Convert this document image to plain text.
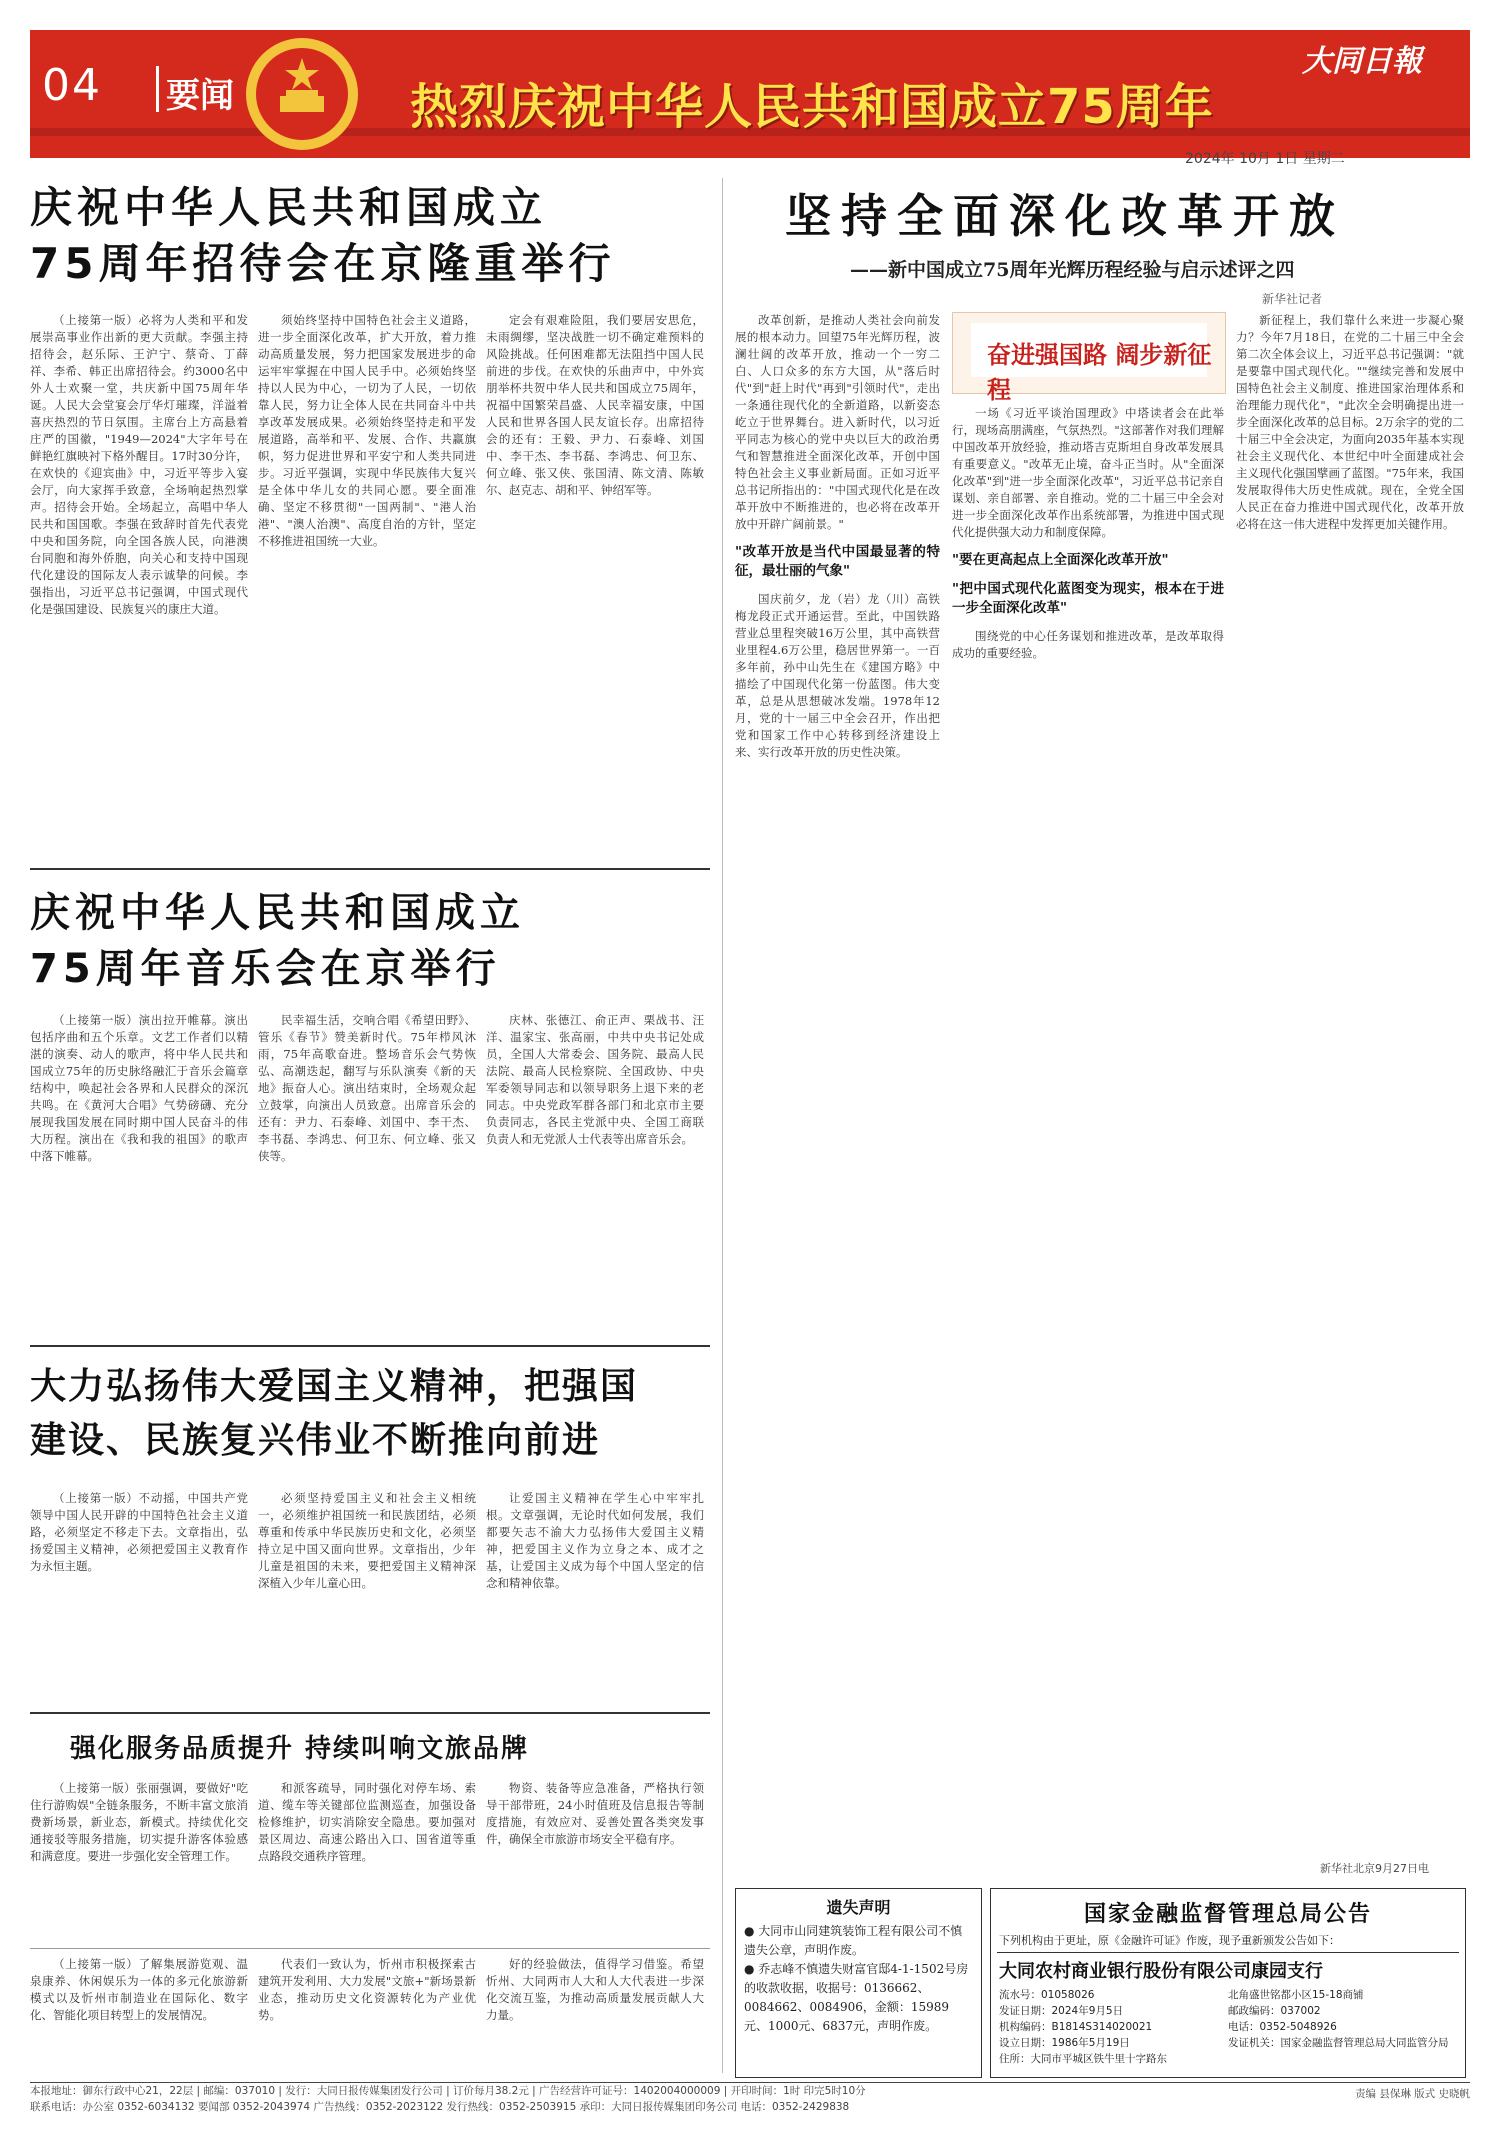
04 要闻	热烈庆祝中华人民共和国成立75周年
大同日報
2024年 10月 1日 星期二
庆祝中华人民共和国成立
75周年招待会在京隆重举行

（上接第一版）必将为人类和平和发展崇高事业作出新的更大贡献。李强主持招待会，赵乐际、王沪宁、蔡奇、丁薛祥、李希、韩正出席招待会。约3000名中外人士欢聚一堂，共庆新中国75周年华诞。人民大会堂宴会厅华灯璀璨，洋溢着喜庆热烈的节日氛围。主席台上方高悬着庄严的国徽，"1949—2024"大字年号在鲜艳红旗映衬下格外醒目。17时30分许，在欢快的《迎宾曲》中，习近平等步入宴会厅，向大家挥手致意，全场响起热烈掌声。招待会开始。全场起立，高唱中华人民共和国国歌。李强在致辞时首先代表党中央和国务院，向全国各族人民，向港澳台同胞和海外侨胞，向关心和支持中国现代化建设的国际友人表示诚挚的问候。李强指出，习近平总书记强调，中国式现代化是强国建设、民族复兴的康庄大道。

须始终坚持中国特色社会主义道路，进一步全面深化改革，扩大开放，着力推动高质量发展，努力把国家发展进步的命运牢牢掌握在中国人民手中。必须始终坚持以人民为中心，一切为了人民，一切依靠人民，努力让全体人民在共同奋斗中共享改革发展成果。必须始终坚持走和平发展道路，高举和平、发展、合作、共赢旗帜，努力促进世界和平安宁和人类共同进步。习近平强调，实现中华民族伟大复兴是全体中华儿女的共同心愿。要全面准确、坚定不移贯彻"一国两制"、"港人治港"、"澳人治澳"、高度自治的方针，坚定不移推进祖国统一大业。

定会有艰难险阻，我们要居安思危，未雨绸缪，坚决战胜一切不确定难预料的风险挑战。任何困难都无法阻挡中国人民前进的步伐。在欢快的乐曲声中，中外宾朋举杯共贺中华人民共和国成立75周年，祝福中国繁荣昌盛、人民幸福安康，中国人民和世界各国人民友谊长存。出席招待会的还有：王毅、尹力、石泰峰、刘国中、李干杰、李书磊、李鸿忠、何卫东、何立峰、张又侠、张国清、陈文清、陈敏尔、赵克志、胡和平、钟绍军等。

庆祝中华人民共和国成立
75周年音乐会在京举行

（上接第一版）演出拉开帷幕。演出包括序曲和五个乐章。文艺工作者们以精湛的演奏、动人的歌声，将中华人民共和国成立75年的历史脉络融汇于音乐会篇章结构中，唤起社会各界和人民群众的深沉共鸣。在《黄河大合唱》气势磅礴、充分展现我国发展在同时期中国人民奋斗的伟大历程。演出在《我和我的祖国》的歌声中落下帷幕。

民幸福生活，交响合唱《希望田野》、管乐《春节》赞美新时代。75年栉风沐雨，75年高歌奋进。整场音乐会气势恢弘、高潮迭起，翻写与乐队演奏《新的天地》振奋人心。演出结束时，全场观众起立鼓掌，向演出人员致意。出席音乐会的还有：尹力、石泰峰、刘国中、李干杰、李书磊、李鸿忠、何卫东、何立峰、张又侠等。

庆林、张德江、俞正声、栗战书、汪洋、温家宝、张高丽，中共中央书记处成员，全国人大常委会、国务院、最高人民法院、最高人民检察院、全国政协、中央军委领导同志和以领导职务上退下来的老同志。中央党政军群各部门和北京市主要负责同志，各民主党派中央、全国工商联负责人和无党派人士代表等出席音乐会。

大力弘扬伟大爱国主义精神，把强国
建设、民族复兴伟业不断推向前进

（上接第一版）不动摇，中国共产党领导中国人民开辟的中国特色社会主义道路，必须坚定不移走下去。文章指出，弘扬爱国主义精神，必须把爱国主义教育作为永恒主题。

必须坚持爱国主义和社会主义相统一，必须维护祖国统一和民族团结，必须尊重和传承中华民族历史和文化，必须坚持立足中国又面向世界。文章指出，少年儿童是祖国的未来，要把爱国主义精神深深植入少年儿童心田。

让爱国主义精神在学生心中牢牢扎根。文章强调，无论时代如何发展，我们都要矢志不渝大力弘扬伟大爱国主义精神，把爱国主义作为立身之本、成才之基，让爱国主义成为每个中国人坚定的信念和精神依靠。

强化服务品质提升 持续叫响文旅品牌

（上接第一版）张丽强调，要做好"吃住行游购娱"全链条服务，不断丰富文旅消费新场景，新业态，新模式。持续优化交通接驳等服务措施，切实提升游客体验感和满意度。要进一步强化安全管理工作。

和派客疏导，同时强化对停车场、索道、缆车等关键部位监测巡查，加强设备检修维护，切实消除安全隐患。要加强对景区周边、高速公路出入口、国省道等重点路段交通秩序管理。

物资、装备等应急准备，严格执行领导干部带班，24小时值班及信息报告等制度措施，有效应对、妥善处置各类突发事件，确保全市旅游市场安全平稳有序。

（上接第一版）了解集展游览观、温泉康养、休闲娱乐为一体的多元化旅游新模式以及忻州市制造业在国际化、数字化、智能化项目转型上的发展情况。

代表们一致认为，忻州市积极探索古建筑开发利用、大力发展"文旅+"新场景新业态，推动历史文化资源转化为产业优势。

好的经验做法，值得学习借鉴。希望忻州、大同两市人大和人大代表进一步深化交流互鉴，为推动高质量发展贡献人大力量。

坚持全面深化改革开放
——新中国成立75周年光辉历程经验与启示述评之四
新华社记者

改革创新，是推动人类社会向前发展的根本动力。回望75年光辉历程，波澜壮阔的改革开放，推动一个一穷二白、人口众多的东方大国，从"落后时代"到"赶上时代"再到"引领时代"，走出一条通往现代化的全新道路，以新姿态屹立于世界舞台。进入新时代，以习近平同志为核心的党中央以巨大的政治勇气和智慧推进全面深化改革，开创中国特色社会主义事业新局面。正如习近平总书记所指出的："中国式现代化是在改革开放中不断推进的，也必将在改革开放中开辟广阔前景。"

"改革开放是当代中国最显著的特征，最壮丽的气象"

国庆前夕，龙（岩）龙（川）高铁梅龙段正式开通运营。至此，中国铁路营业总里程突破16万公里，其中高铁营业里程4.6万公里，稳居世界第一。一百多年前，孙中山先生在《建国方略》中描绘了中国现代化第一份蓝图。伟大变革，总是从思想破冰发端。1978年12月，党的十一届三中全会召开，作出把党和国家工作中心转移到经济建设上来、实行改革开放的历史性决策。

奋进强国路 阔步新征程

一场《习近平谈治国理政》中塔读者会在此举行，现场高朋满座，气氛热烈。"这部著作对我们理解中国改革开放经验，推动塔吉克斯坦自身改革发展具有重要意义。"改革无止境，奋斗正当时。从"全面深化改革"到"进一步全面深化改革"，习近平总书记亲自谋划、亲自部署、亲自推动。党的二十届三中全会对进一步全面深化改革作出系统部署，为推进中国式现代化提供强大动力和制度保障。

"要在更高起点上全面深化改革开放"
"把中国式现代化蓝图变为现实，根本在于进一步全面深化改革"

围绕党的中心任务谋划和推进改革，是改革取得成功的重要经验。

新征程上，我们靠什么来进一步凝心聚力？今年7月18日，在党的二十届三中全会第二次全体会议上，习近平总书记强调："就是要靠中国式现代化。""继续完善和发展中国特色社会主义制度、推进国家治理体系和治理能力现代化"，"此次全会明确提出进一步全面深化改革的总目标。2万余字的党的二十届三中全会决定，为面向2035年基本实现社会主义现代化、本世纪中叶全面建成社会主义现代化强国擘画了蓝图。"75年来，我国发展取得伟大历史性成就。现在，全党全国人民正在奋力推进中国式现代化，改革开放必将在这一伟大进程中发挥更加关键作用。

新华社北京9月27日电
遗失声明
● 大同市山同建筑装饰工程有限公司不慎遗失公章，声明作废。
● 乔志峰不慎遗失财富官邸4-1-1502号房的收款收据，收据号：0136662、0084662、0084906，金额：15989元、1000元、6837元，声明作废。
国家金融监督管理总局公告
下列机构由于更址，原《金融许可证》作废，现予重新颁发公告如下：
大同农村商业银行股份有限公司康园支行
流水号：01058026	北角盛世铭都小区15-18商铺
发证日期：2024年9月5日	邮政编码：037002
机构编码：B1814S314020021	电话：0352-5048926
设立日期：1986年5月19日	发证机关：国家金融监督管理总局大同监管分局
住所：大同市平城区铁牛里十字路东
本报地址：御东行政中心21，22层 | 邮编：037010 | 发行：大同日报传媒集团发行公司 | 订价每月38.2元 | 广告经营许可证号：1402004000009 | 开印时间：1时 印完5时10分
联系电话：办公室 0352-6034132 要闻部 0352-2043974 广告热线：0352-2023122 发行热线：0352-2503915 承印：大同日报传媒集团印务公司 电话：0352-2429838
责编 县保琳 版式 史晓帆
